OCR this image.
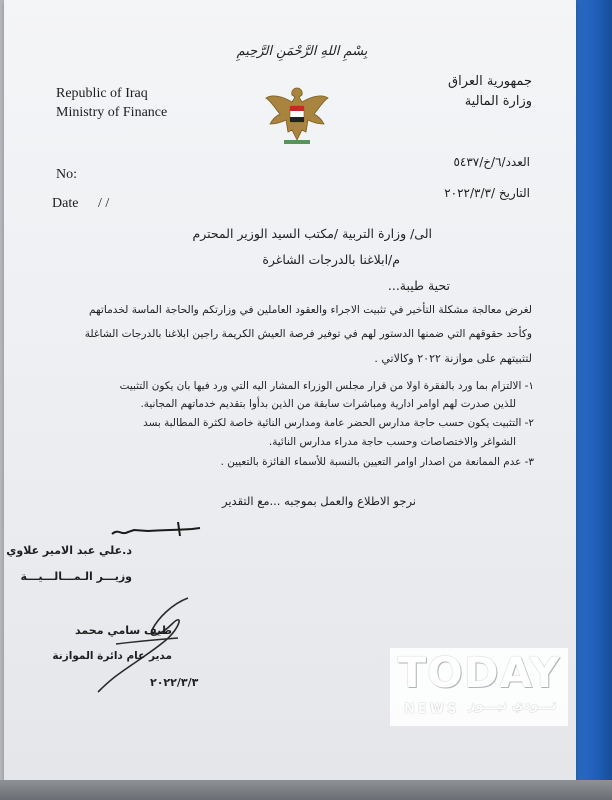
بِسْمِ اللهِ الرَّحْمَنِ الرَّحِيمِ
Republic of Iraq
Ministry of Finance
جمهورية العراق
وزارة المالية
No:
Date / /
العدد/٦/خ/٥٤٣٧
التاريخ /٢٠٢٢/٣/٣
الى/ وزارة التربية /مكتب السيد الوزير المحترم
م/ابلاغنا بالدرجات الشاغرة
تحية طيبة...
لغرض معالجة مشكلة التأخير في تثبيت الاجراء والعقود العاملين في وزارتكم والحاجة الماسة لخدماتهم
وكأحد حقوقهم التي ضمنها الدستور لهم في توفير فرصة العيش الكريمة راجين ابلاغنا بالدرجات الشاغلة
لتثبيتهم على موازنة ٢٠٢٢ وكالاتي .
١- الالتزام بما ورد بالفقرة اولا من قرار مجلس الوزراء المشار اليه التي ورد فيها بان يكون التثبيت
للذين صدرت لهم اوامر ادارية ومباشرات سابقة من الذين بدأوا بتقديم خدماتهم المجانية.
٢- التثبيت يكون حسب حاجة مدارس الحضر عامة ومدارس النائية خاصة لكثرة المطالبة بسد
الشواغر والاختصاصات وحسب حاجة مدراء مدارس النائية.
٣- عدم الممانعة من اصدار اوامر التعيين بالنسبة للأسماء الفائزة بالتعيين .
نرجو الاطلاع والعمل بموجبه ...مع التقدير
د.علي عبد الامير علاوي
وزيـــر الـمـــالـــيـــة
طيف سامي محمد
مدير عام دائرة الموازنة
٢٠٢٢/٣/٣	TODAY
NEWS تـــودي نيـــوز
